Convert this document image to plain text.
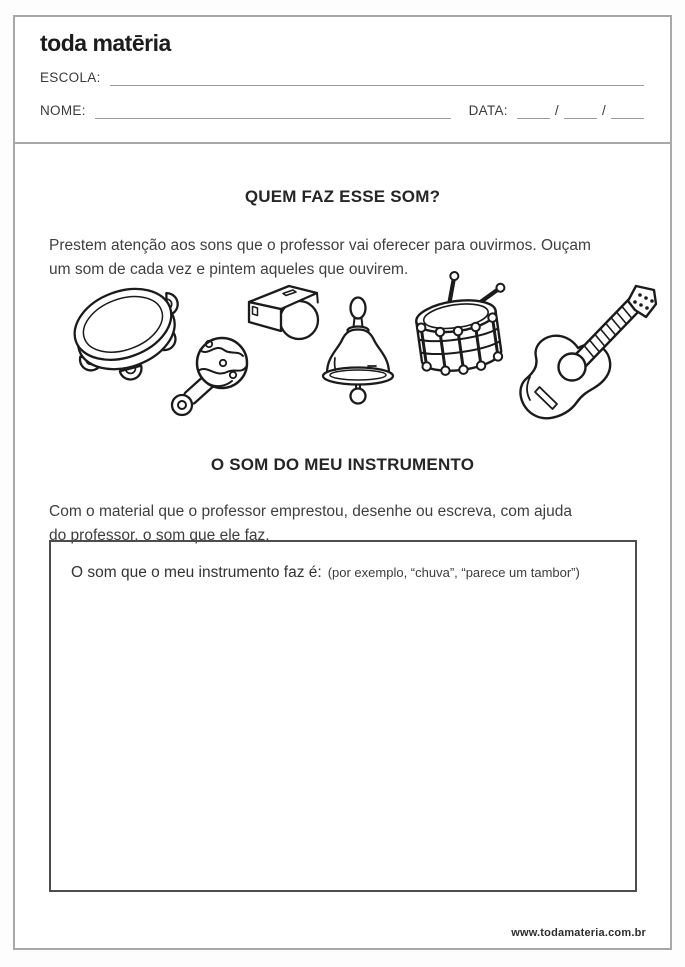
toda matēria
ESCOLA:
NOME:	DATA:	/	/
QUEM FAZ ESSE SOM?

Prestem atenção aos sons que o professor vai oferecer para ouvirmos. Ouçam
um som de cada vez e pintem aqueles que ouvirem.

O SOM DO MEU INSTRUMENTO

Com o material que o professor emprestou, desenhe ou escreva, com ajuda
do professor, o som que ele faz.

O som que o meu instrumento faz é: (por exemplo, “chuva”, “parece um tambor”)
www.todamateria.com.br
